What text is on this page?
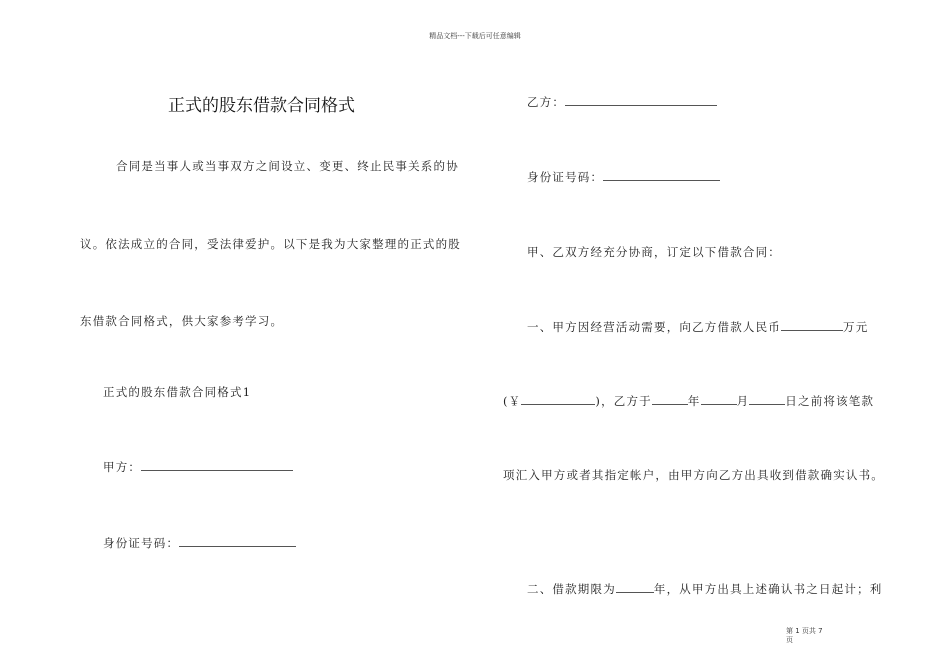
精品文档---下载后可任意编辑
正式的股东借款合同格式
合同是当事人或当事双方之间设立、变更、终止民事关系的协
议。依法成立的合同，受法律爱护。以下是我为大家整理的正式的股
东借款合同格式，供大家参考学习。
正式的股东借款合同格式1
甲方：
身份证号码：
乙方：
身份证号码：
甲、乙双方经充分协商，订定以下借款合同：
一、甲方因经营活动需要，向乙方借款人民币	万元
(￥	)，乙方于	年	月	日之前将该笔款
项汇入甲方或者其指定帐户，由甲方向乙方出具收到借款确实认书。
二、借款期限为	年，从甲方出具上述确认书之日起计；利
第 1 页共 7
页
